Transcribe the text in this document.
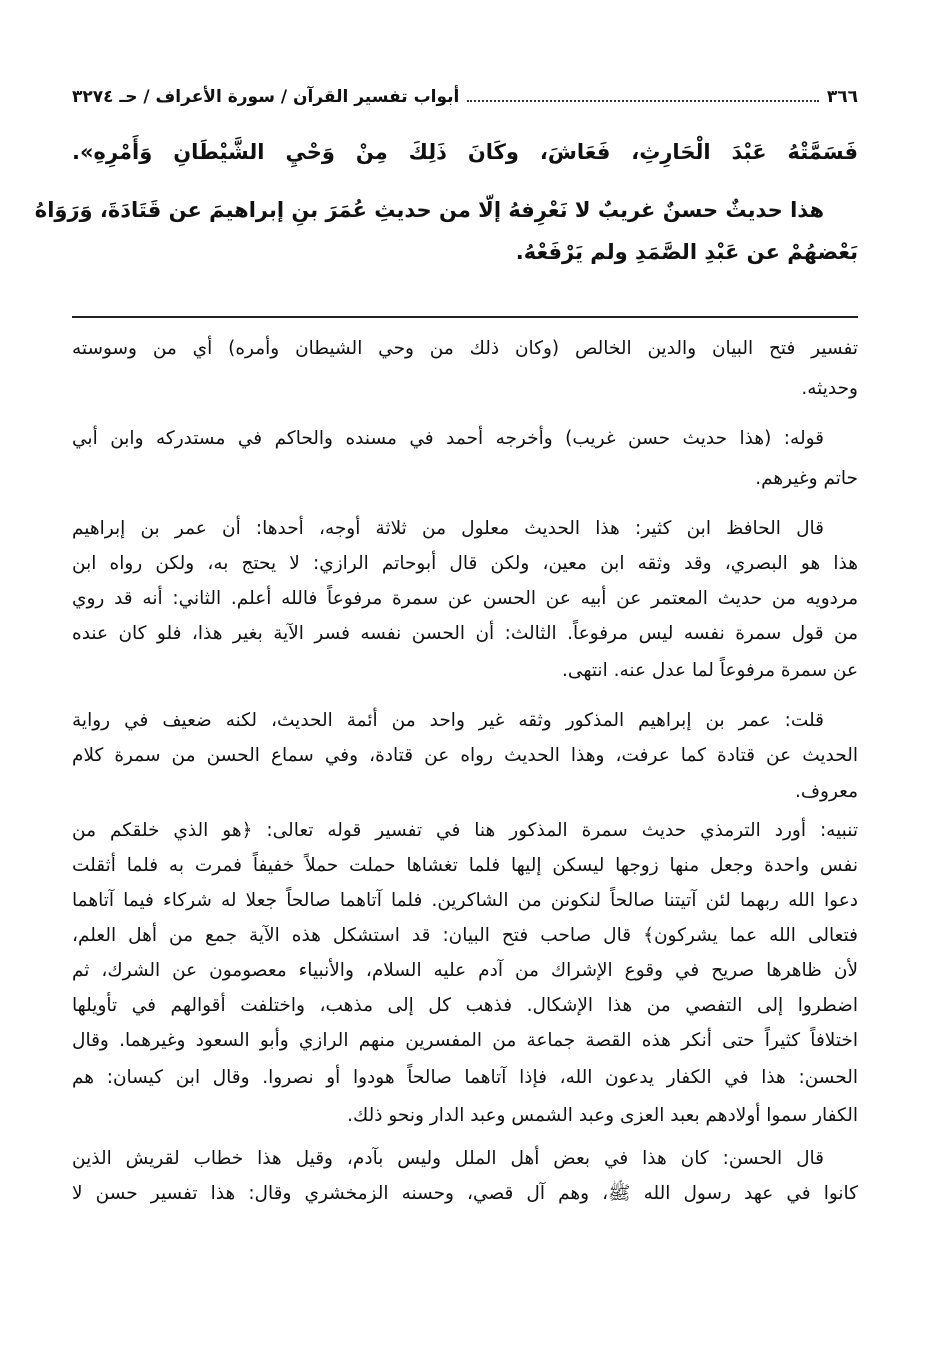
٣٦٦
أبواب تفسير القرآن / سورة الأعراف / حـ ٣٢٧٤
فَسَمَّتْهُ عَبْدَ الْحَارِثِ، فَعَاشَ، وكَانَ ذَلِكَ مِنْ وَحْيِ الشَّيْطَانِ وَأَمْرِهِ».
هذا حديثٌ حسنٌ غريبٌ لا نَعْرِفهُ إلّا من حديثِ عُمَرَ بنِ إبراهيمَ عن قَتَادَةَ، وَرَوَاهُ
بَعْضهُمْ عن عَبْدِ الصَّمَدِ ولم يَرْفَعْهُ.
تفسير فتح البيان والدين الخالص (وكان ذلك من وحي الشيطان وأمره) أي من وسوسته
وحديثه.
قوله: (هذا حديث حسن غريب) وأخرجه أحمد في مسنده والحاكم في مستدركه وابن أبي
حاتم وغيرهم.
قال الحافظ ابن كثير: هذا الحديث معلول من ثلاثة أوجه، أحدها: أن عمر بن إبراهيم
هذا هو البصري، وقد وثقه ابن معين، ولكن قال أبوحاتم الرازي: لا يحتج به، ولكن رواه ابن
مردويه من حديث المعتمر عن أبيه عن الحسن عن سمرة مرفوعاً فالله أعلم. الثاني: أنه قد روي
من قول سمرة نفسه ليس مرفوعاً. الثالث: أن الحسن نفسه فسر الآية بغير هذا، فلو كان عنده
عن سمرة مرفوعاً لما عدل عنه. انتهى.
قلت: عمر بن إبراهيم المذكور وثقه غير واحد من أئمة الحديث، لكنه ضعيف في رواية
الحديث عن قتادة كما عرفت، وهذا الحديث رواه عن قتادة، وفي سماع الحسن من سمرة كلام
معروف.
تنبيه: أورد الترمذي حديث سمرة المذكور هنا في تفسير قوله تعالى: ﴿هو الذي خلقكم من
نفس واحدة وجعل منها زوجها ليسكن إليها فلما تغشاها حملت حملاً خفيفاً فمرت به فلما أثقلت
دعوا الله ربهما لئن آتيتنا صالحاً لنكونن من الشاكرين. فلما آتاهما صالحاً جعلا له شركاء فيما آتاهما
فتعالى الله عما يشركون﴾ قال صاحب فتح البيان: قد استشكل هذه الآية جمع من أهل العلم،
لأن ظاهرها صريح في وقوع الإشراك من آدم عليه السلام، والأنبياء معصومون عن الشرك، ثم
اضطروا إلى التفصي من هذا الإشكال. فذهب كل إلى مذهب، واختلفت أقوالهم في تأويلها
اختلافاً كثيراً حتى أنكر هذه القصة جماعة من المفسرين منهم الرازي وأبو السعود وغيرهما. وقال
الحسن: هذا في الكفار يدعون الله، فإذا آتاهما صالحاً هودوا أو نصروا. وقال ابن كيسان: هم
الكفار سموا أولادهم بعبد العزى وعبد الشمس وعبد الدار ونحو ذلك.
قال الحسن: كان هذا في بعض أهل الملل وليس بآدم، وقيل هذا خطاب لقريش الذين
كانوا في عهد رسول الله ﷺ، وهم آل قصي، وحسنه الزمخشري وقال: هذا تفسير حسن لا
